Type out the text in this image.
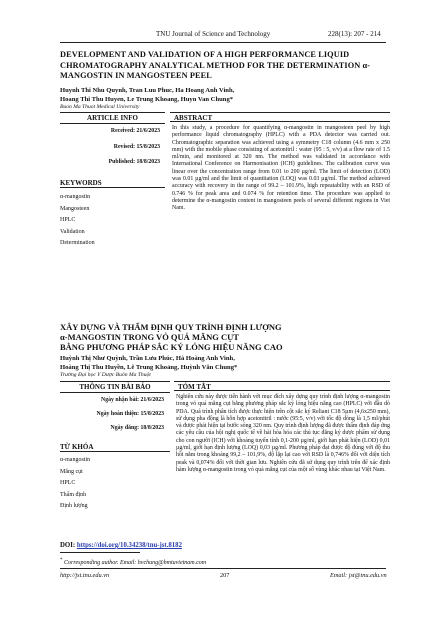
TNU Journal of Science and Technology	228(13): 207 - 214
DEVELOPMENT AND VALIDATION OF A HIGH PERFORMANCE LIQUID CHROMATOGRAPHY ANALYTICAL METHOD FOR THE DETERMINATION α-MANGOSTIN IN MANGOSTEEN PEEL
Huynh Thi Nhu Quynh, Tran Luu Phuc, Ha Hoang Anh Vinh,
Hoang Thi Thu Huyen, Le Trung Khoang, Huyn Van Chung*
Buon Ma Thuot Medical University
ARTICLE INFO	ABSTRACT
Received: 21/6/2023
Revised: 15/8/2023
Published: 18/8/2023
KEYWORDS
α-mangostin
Mangosteen
HPLC
Validation
Determination
In this study, a procedure for quantifying α-mangostin in mangosteen peel by high performance liquid chromatography (HPLC) with a PDA detector was carried out. Chromatographic separation was achieved using a symmetry C18 column (4.6 mm x 250 mm) with the mobile phase consisting of acetonitril : water (95 : 5, v/v) at a flow rate of 1.5 ml/min, and monitored at 320 nm. The method was validated in accordance with International Conference on Harmonisation (ICH) guidelines. The calibration curve was linear over the concentration range from 0.01 to 200 µg/ml. The limit of detection (LOD) was 0.01 µg/ml and the limit of quantitation (LOQ) was 0.03 µg/ml. The method achieved accuracy with recovery in the range of 99.2 – 101.9%, high repeatability with an RSD of 0.746 % for peak area and 0.074 % for retention time. The procedure was applied to determine the α-mangostin content in mangosteen peels of several different regions in Viet Nam.
XÂY DỰNG VÀ THẨM ĐỊNH QUY TRÌNH ĐỊNH LƯỢNG
α-MANGOSTIN TRONG VỎ QUẢ MĂNG CỤT
BẰNG PHƯƠNG PHÁP SẮC KÝ LỎNG HIỆU NĂNG CAO
Huỳnh Thị Như Quỳnh, Trần Lưu Phúc, Hà Hoàng Anh Vinh,
Hoàng Thị Thu Huyền, Lê Trung Khoảng, Huỳnh Văn Chung*
Trường Đại học Y Dược Buôn Ma Thuột
THÔNG TIN BÀI BÁO	TÓM TẮT
Ngày nhận bài: 21/6/2023
Ngày hoàn thiện: 15/8/2023
Ngày đăng: 18/8/2023
TỪ KHÓA
α-mangostin
Măng cụt
HPLC
Thẩm định
Định lượng
Nghiên cứu này được tiến hành với mục đích xây dựng quy trình định lượng α-mangostin trong vỏ quả măng cụt bằng phương pháp sắc ký lỏng hiệu năng cao (HPLC) với đầu dò PDA. Quá trình phân tích được thực hiện trên cột sắc ký Reliant C18 5µm (4,6x250 mm), sử dụng pha động là hỗn hợp acetonitril : nước (95:5, v/v) với tốc độ dòng là 1,5 ml/phút và được phát hiện tại bước sóng 320 nm. Quy trình định lượng đã được thẩm định đáp ứng các yêu cầu của hội nghị quốc tế về hài hòa hóa các thủ tục đăng ký dược phẩm sử dụng cho con người (ICH) với khoảng tuyến tính 0,1-200 µg/ml, giới hạn phát hiện (LOD) 0,01 µg/ml, giới hạn định lượng (LOQ) 0,03 µg/ml. Phương pháp đạt được độ đúng với độ thu hồi nằm trong khoảng 99,2 – 101,9%, độ lặp lại cao với RSD là 0,746% đối với diện tích peak và 0,074% đối với thời gian lưu. Nghiên cứu đã sử dụng quy trình trên để xác định hàm lượng α-mangostin trong vỏ quả măng cụt của một số vùng khác nhau tại Việt Nam.
DOI: https://doi.org/10.34238/tnu-jst.8182
* Corresponding author. Email: hvchung@bmtuvietnam.com
http://jst.tnu.edu.vn	207	Email: jst@tnu.edu.vn
